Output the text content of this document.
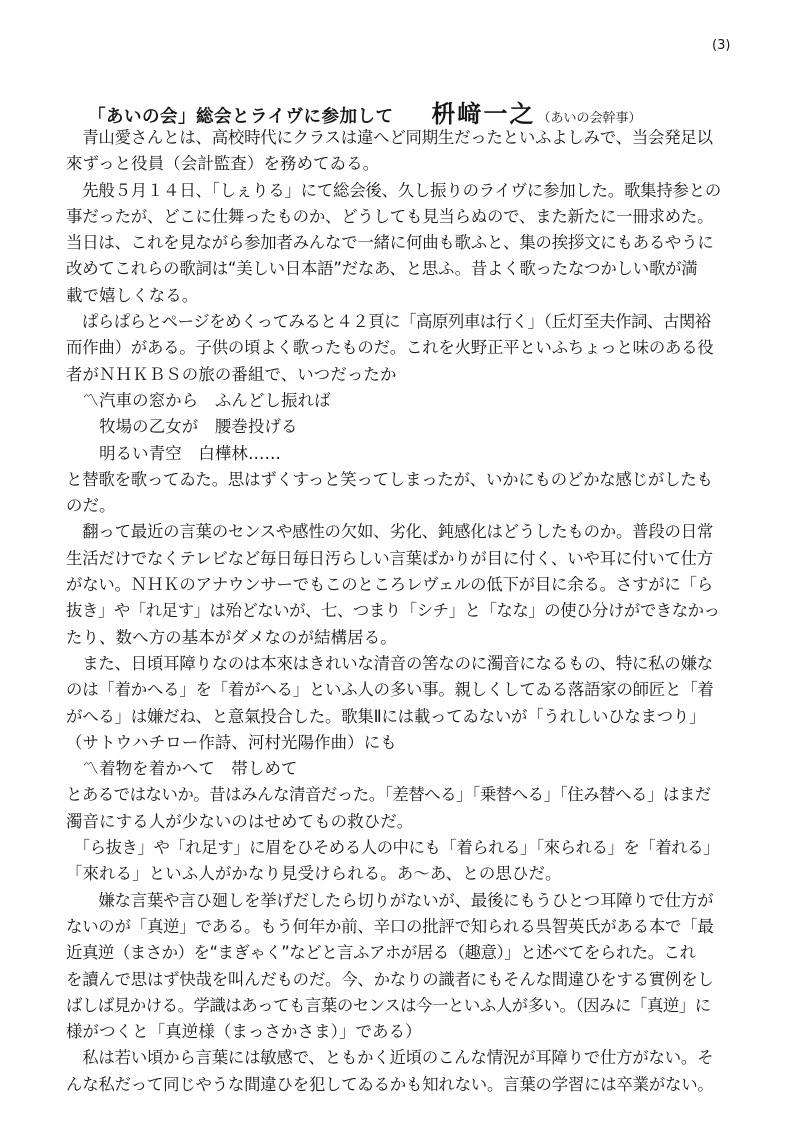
(3)
「あいの会」総会とライヴに参加して 枡﨑一之 （あいの会幹事）
　青山愛さんとは、高校時代にクラスは違へど同期生だったといふよしみで、当会発足以
來ずっと役員（会計監査）を務めてゐる。
　先般５月１４日、「しぇりる」にて総会後、久し振りのライヴに参加した。歌集持参との
事だったが、どこに仕舞ったものか、どうしても見当らぬので、また新たに一冊求めた。
当日は、これを見ながら参加者みんなで一緒に何曲も歌ふと、集の挨拶文にもあるやうに
改めてこれらの歌詞は“美しい日本語”だなあ、と思ふ。昔よく歌ったなつかしい歌が満
載で嬉しくなる。
　ぱらぱらとページをめくってみると４２頁に「高原列車は行く」（丘灯至夫作詞、古関裕
而作曲）がある。子供の頃よく歌ったものだ。これを火野正平といふちょっと味のある役
者がＮＨＫＢＳの旅の番組で、いつだったか
　〽汽車の窓から　ふんどし振れば
　　牧場の乙女が　腰巻投げる
　　明るい青空　白樺林……
と替歌を歌ってゐた。思はずくすっと笑ってしまったが、いかにものどかな感じがしたも
のだ。
　翻って最近の言葉のセンスや感性の欠如、劣化、鈍感化はどうしたものか。普段の日常
生活だけでなくテレビなど毎日毎日汚らしい言葉ばかりが目に付く、いや耳に付いて仕方
がない。ＮＨＫのアナウンサーでもこのところレヴェルの低下が目に余る。さすがに「ら
抜き」や「れ足す」は殆どないが、七、つまり「シチ」と「なな」の使ひ分けができなかっ
たり、数へ方の基本がダメなのが結構居る。
　また、日頃耳障りなのは本來はきれいな清音の筈なのに濁音になるもの、特に私の嫌な
のは「着かへる」を「着がへる」といふ人の多い事。親しくしてゐる落語家の師匠と「着
がへる」は嫌だね、と意氣投合した。歌集Ⅱには載ってゐないが「うれしいひなまつり」
（サトウハチロー作詩、河村光陽作曲）にも
　〽着物を着かへて　帯しめて
とあるではないか。昔はみんな清音だった。「差替へる」「乗替へる」「住み替へる」はまだ
濁音にする人が少ないのはせめてもの救ひだ。
　「ら抜き」や「れ足す」に眉をひそめる人の中にも「着られる」「來られる」を「着れる」
「來れる」といふ人がかなり見受けられる。あ～あ、との思ひだ。
　　嫌な言葉や言ひ廻しを挙げだしたら切りがないが、最後にもうひとつ耳障りで仕方が
ないのが「真逆」である。もう何年か前、辛口の批評で知られる呉智英氏がある本で「最
近真逆（まさか）を“まぎゃく”などと言ふアホが居る（趣意）」と述べてをられた。これ
を讀んで思はず快哉を叫んだものだ。今、かなりの識者にもそんな間違ひをする實例をし
ばしば見かける。学識はあっても言葉のセンスは今一といふ人が多い。（因みに「真逆」に
様がつくと「真逆様（まっさかさま）」である）
　私は若い頃から言葉には敏感で、ともかく近頃のこんな情況が耳障りで仕方がない。そ
んな私だって同じやうな間違ひを犯してゐるかも知れない。言葉の学習には卒業がない。
